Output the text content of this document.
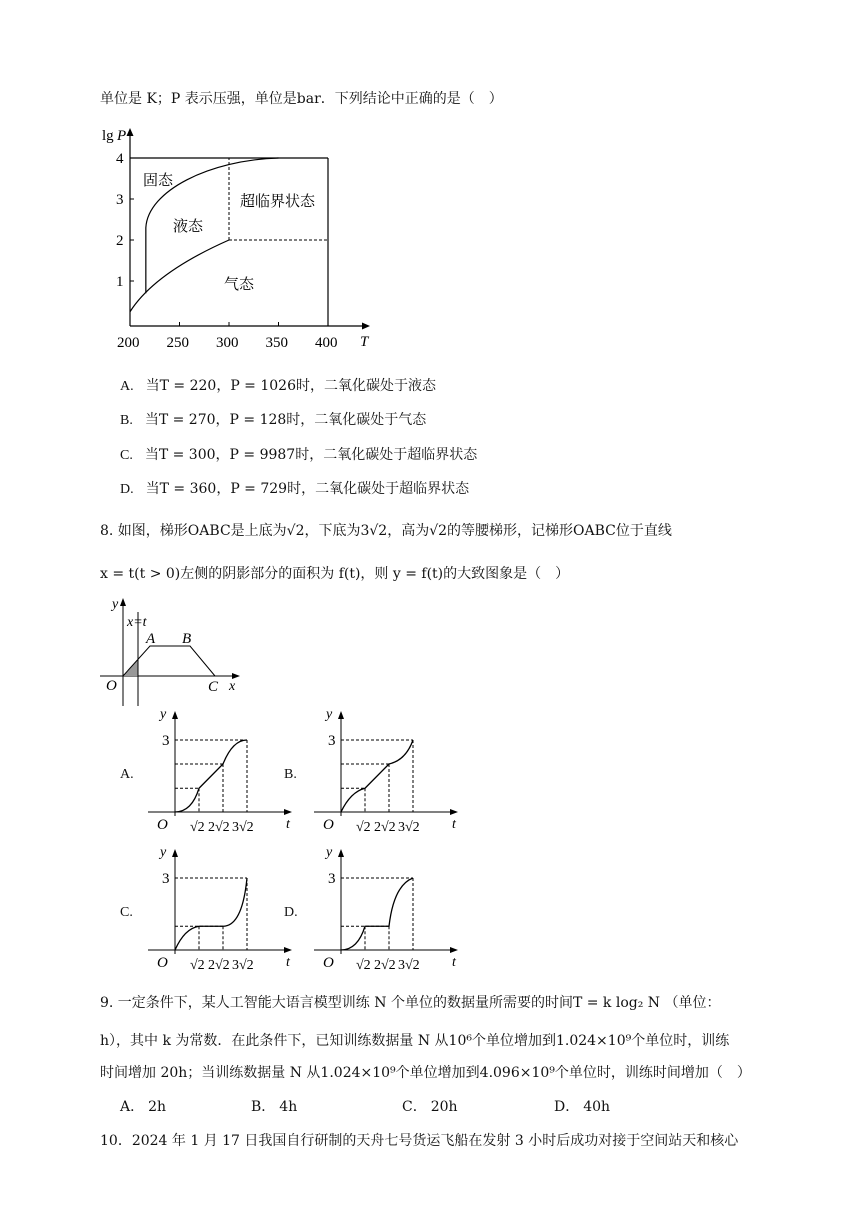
单位是 K；P 表示压强，单位是bar．下列结论中正确的是（　）
1
2
3
4
200 250 300 350 400
lg P
T
固态
液态
超临界状态
气态
A. 当T = 220，P = 1026时，二氧化碳处于液态
B. 当T = 270，P = 128时，二氧化碳处于气态
C. 当T = 300，P = 9987时，二氧化碳处于超临界状态
D. 当T = 360，P = 729时，二氧化碳处于超临界状态
8. 如图，梯形OABC是上底为√2，下底为3√2，高为√2的等腰梯形，记梯形OABC位于直线
x = t(t > 0)左侧的阴影部分的面积为 f(t)，则 y = f(t)的大致图象是（　）
y
x=t
A B
O	C x
A.
y
3
O	t
√2 2√2 3√2
B.
y
3
O	t
√2 2√2 3√2
C.
y
3
O	t
√2 2√2 3√2
D.
y
3
O	t
√2 2√2 3√2
9. 一定条件下，某人工智能大语言模型训练 N 个单位的数据量所需要的时间T = k log₂ N （单位：
h），其中 k 为常数．在此条件下，已知训练数据量 N 从10⁶个单位增加到1.024×10⁹个单位时，训练
时间增加 20h；当训练数据量 N 从1.024×10⁹个单位增加到4.096×10⁹个单位时，训练时间增加（　）
A． 2h	B． 4h	C． 20h	D． 40h
10．2024 年 1 月 17 日我国自行研制的天舟七号货运飞船在发射 3 小时后成功对接于空间站天和核心
